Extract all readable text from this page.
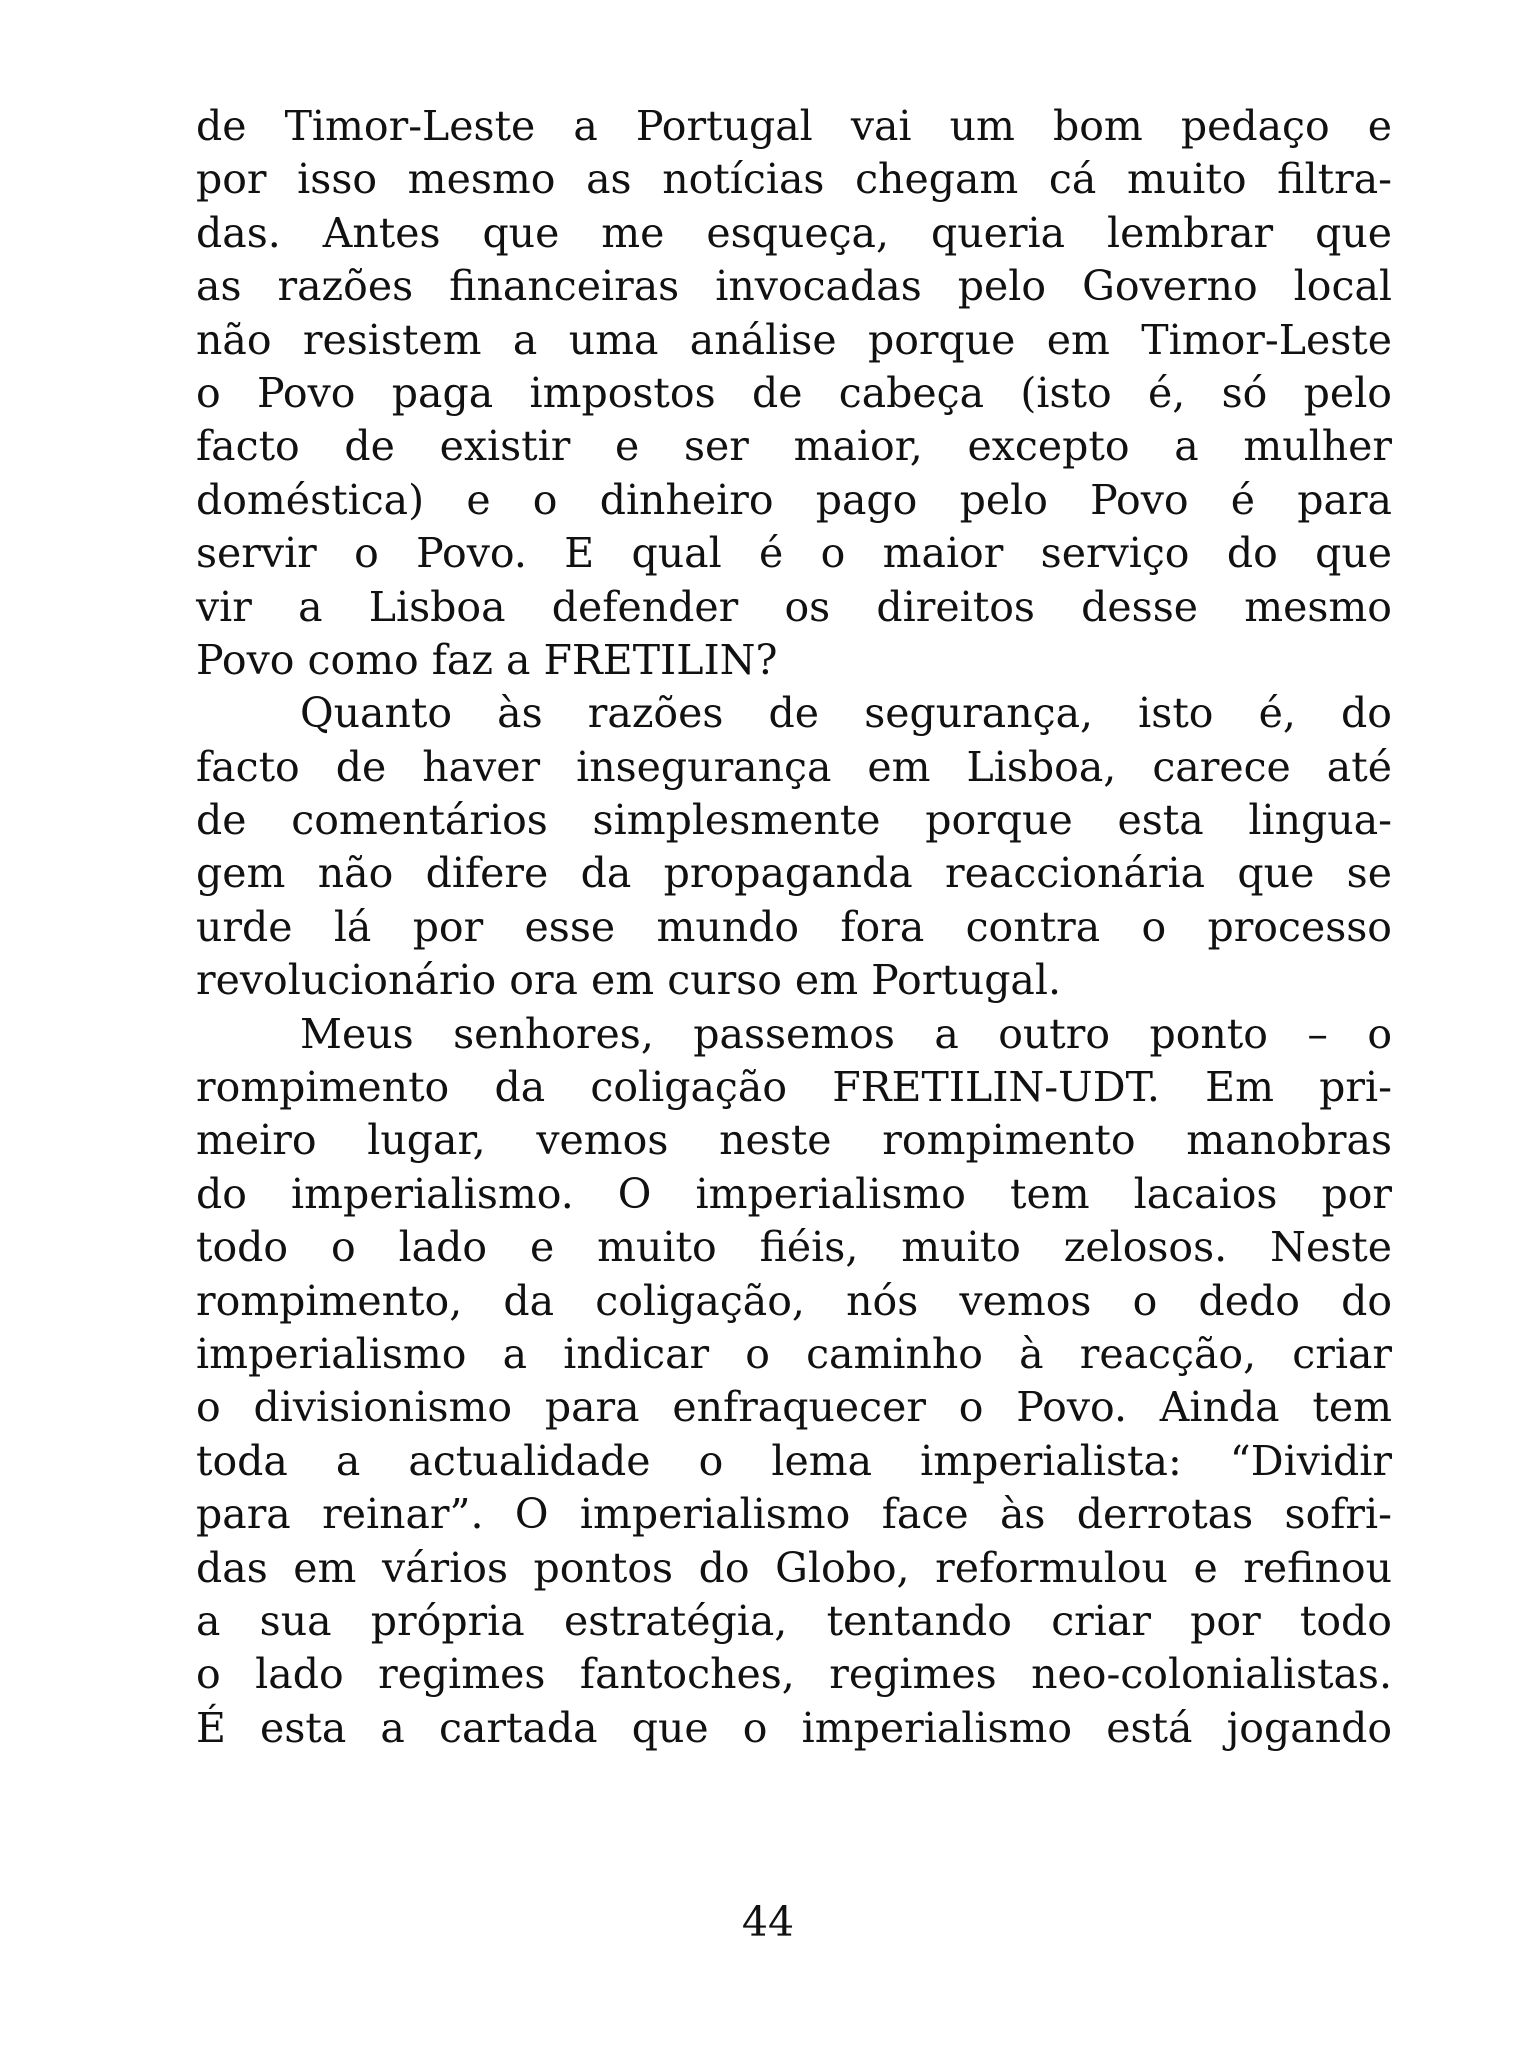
de Timor-Leste a Portugal vai um bom pedaço e
por isso mesmo as notícias chegam cá muito filtra-
das. Antes que me esqueça, queria lembrar que
as razões financeiras invocadas pelo Governo local
não resistem a uma análise porque em Timor-Leste
o Povo paga impostos de cabeça (isto é, só pelo
facto de existir e ser maior, excepto a mulher
doméstica) e o dinheiro pago pelo Povo é para
servir o Povo. E qual é o maior serviço do que
vir a Lisboa defender os direitos desse mesmo
Povo como faz a FRETILIN?
Quanto às razões de segurança, isto é, do
facto de haver insegurança em Lisboa, carece até
de comentários simplesmente porque esta lingua-
gem não difere da propaganda reaccionária que se
urde lá por esse mundo fora contra o processo
revolucionário ora em curso em Portugal.
Meus senhores, passemos a outro ponto – o
rompimento da coligação FRETILIN-UDT. Em pri-
meiro lugar, vemos neste rompimento manobras
do imperialismo. O imperialismo tem lacaios por
todo o lado e muito fiéis, muito zelosos. Neste
rompimento, da coligação, nós vemos o dedo do
imperialismo a indicar o caminho à reacção, criar
o divisionismo para enfraquecer o Povo. Ainda tem
toda a actualidade o lema imperialista: “Dividir
para reinar”. O imperialismo face às derrotas sofri-
das em vários pontos do Globo, reformulou e refinou
a sua própria estratégia, tentando criar por todo
o lado regimes fantoches, regimes neo-colonialistas.
É esta a cartada que o imperialismo está jogando
44
